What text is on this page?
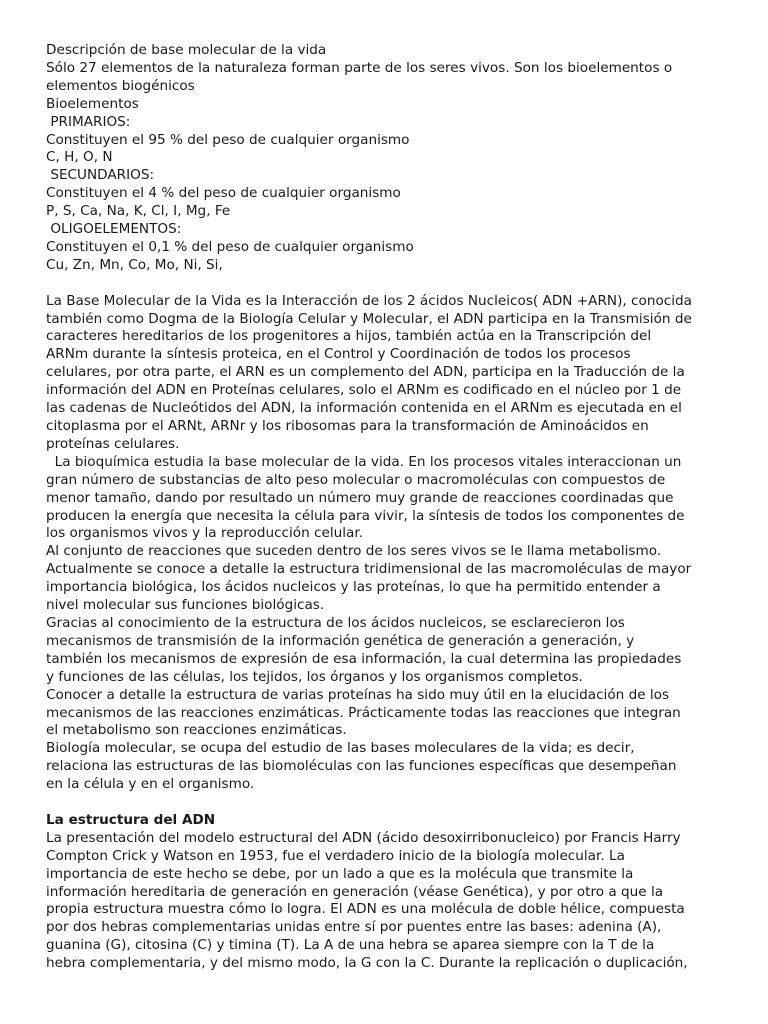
Descripción de base molecular de la vida
Sólo 27 elementos de la naturaleza forman parte de los seres vivos. Son los bioelementos o
elementos biogénicos
Bioelementos
PRIMARIOS:
Constituyen el 95 % del peso de cualquier organismo
C, H, O, N
SECUNDARIOS:
Constituyen el 4 % del peso de cualquier organismo
P, S, Ca, Na, K, Cl, I, Mg, Fe
OLIGOELEMENTOS:
Constituyen el 0,1 % del peso de cualquier organismo
Cu, Zn, Mn, Co, Mo, Ni, Si,
La Base Molecular de la Vida es la Interacción de los 2 ácidos Nucleicos( ADN +ARN), conocida
también como Dogma de la Biología Celular y Molecular, el ADN participa en la Transmisión de
caracteres hereditarios de los progenitores a hijos, también actúa en la Transcripción del
ARNm durante la síntesis proteica, en el Control y Coordinación de todos los procesos
celulares, por otra parte, el ARN es un complemento del ADN, participa en la Traducción de la
información del ADN en Proteínas celulares, solo el ARNm es codificado en el núcleo por 1 de
las cadenas de Nucleótidos del ADN, la información contenida en el ARNm es ejecutada en el
citoplasma por el ARNt, ARNr y los ribosomas para la transformación de Aminoácidos en
proteínas celulares.
La bioquímica estudia la base molecular de la vida. En los procesos vitales interaccionan un
gran número de substancias de alto peso molecular o macromoléculas con compuestos de
menor tamaño, dando por resultado un número muy grande de reacciones coordinadas que
producen la energía que necesita la célula para vivir, la síntesis de todos los componentes de
los organismos vivos y la reproducción celular.
Al conjunto de reacciones que suceden dentro de los seres vivos se le llama metabolismo.
Actualmente se conoce a detalle la estructura tridimensional de las macromoléculas de mayor
importancia biológica, los ácidos nucleicos y las proteínas, lo que ha permitido entender a
nivel molecular sus funciones biológicas.
Gracias al conocimiento de la estructura de los ácidos nucleicos, se esclarecieron los
mecanismos de transmisión de la información genética de generación a generación, y
también los mecanismos de expresión de esa información, la cual determina las propiedades
y funciones de las células, los tejidos, los órganos y los organismos completos.
Conocer a detalle la estructura de varias proteínas ha sido muy útil en la elucidación de los
mecanismos de las reacciones enzimáticas. Prácticamente todas las reacciones que integran
el metabolismo son reacciones enzimáticas.
Biología molecular, se ocupa del estudio de las bases moleculares de la vida; es decir,
relaciona las estructuras de las biomoléculas con las funciones específicas que desempeñan
en la célula y en el organismo.
La estructura del ADN
La presentación del modelo estructural del ADN (ácido desoxirribonucleico) por Francis Harry
Compton Crick y Watson en 1953, fue el verdadero inicio de la biología molecular. La
importancia de este hecho se debe, por un lado a que es la molécula que transmite la
información hereditaria de generación en generación (véase Genética), y por otro a que la
propia estructura muestra cómo lo logra. El ADN es una molécula de doble hélice, compuesta
por dos hebras complementarias unidas entre sí por puentes entre las bases: adenina (A),
guanina (G), citosina (C) y timina (T). La A de una hebra se aparea siempre con la T de la
hebra complementaria, y del mismo modo, la G con la C. Durante la replicación o duplicación,
